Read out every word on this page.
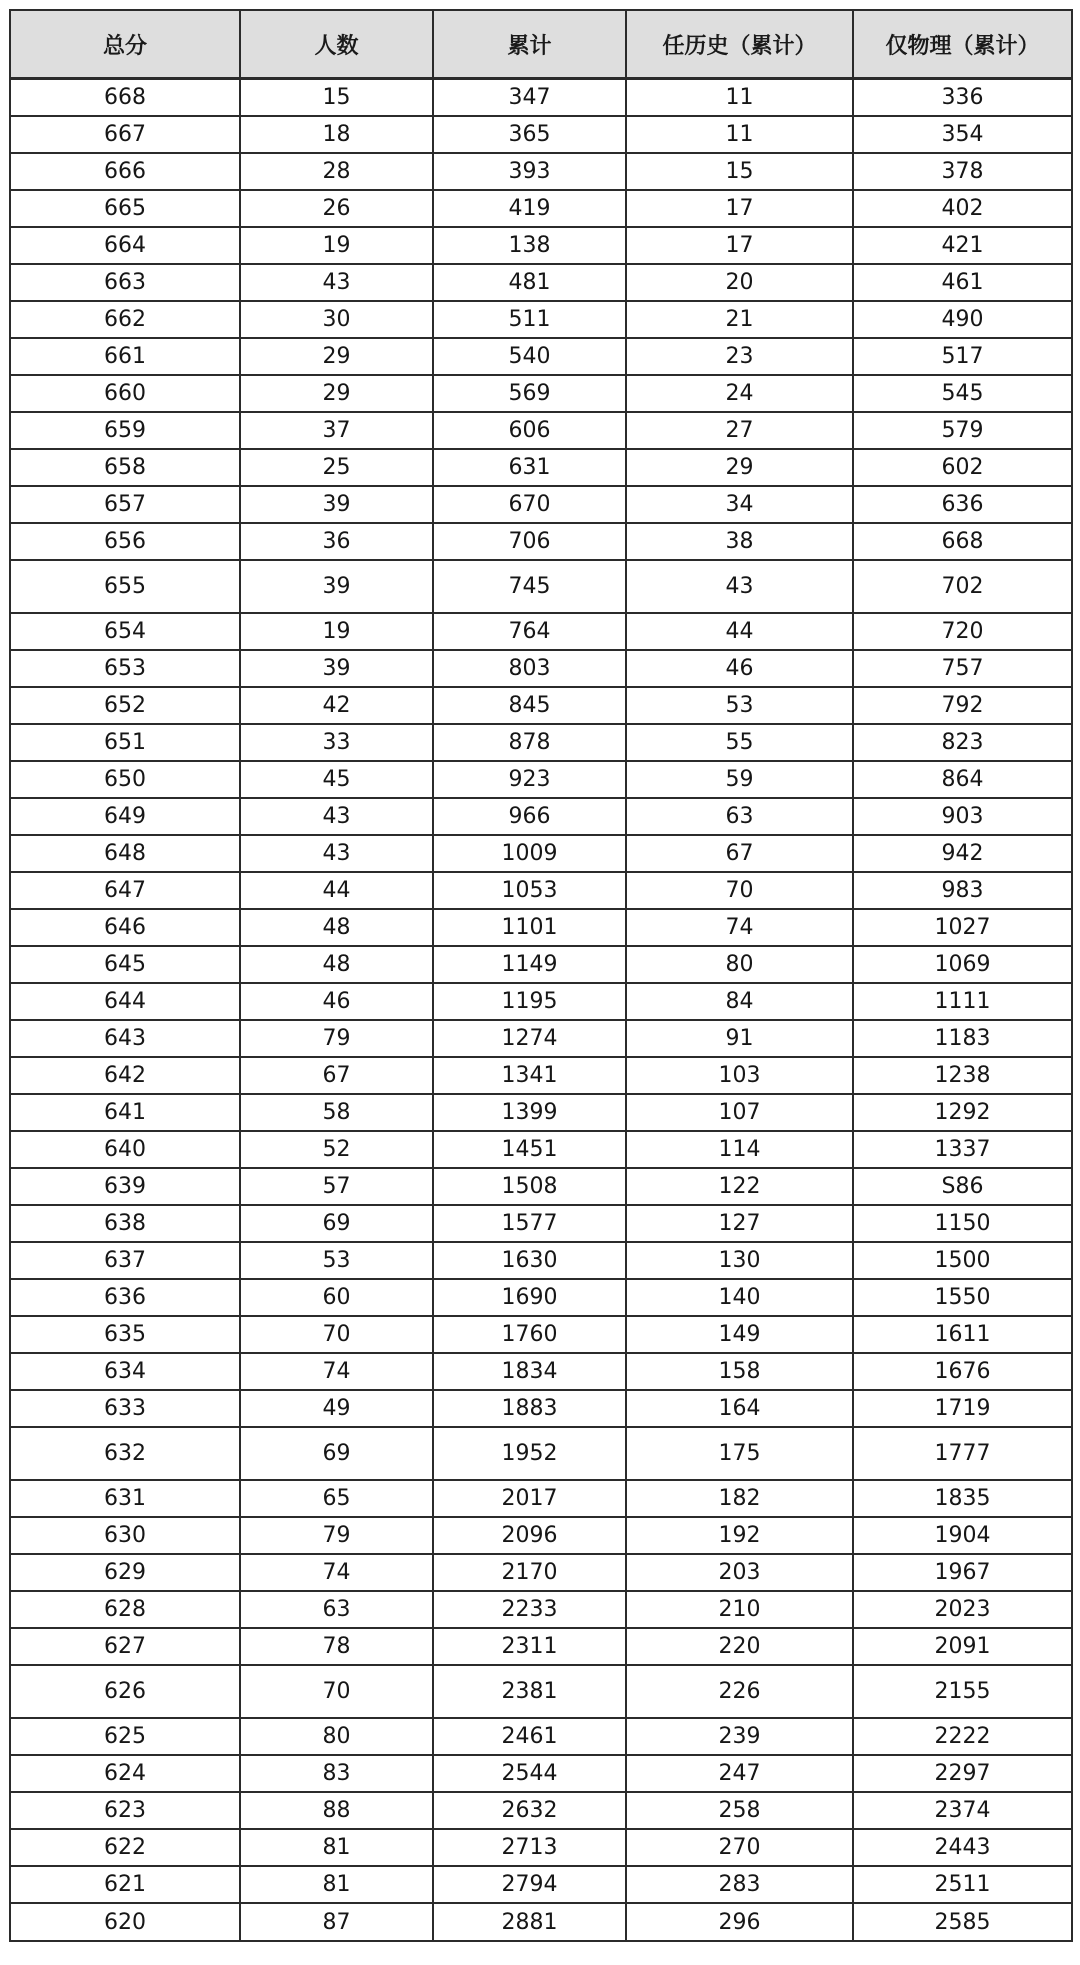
总分	人数	累计	任历史（累计）	仅物理（累计）
668	15	347	11	336
667	18	365	11	354
666	28	393	15	378
665	26	419	17	402
664	19	138	17	421
663	43	481	20	461
662	30	511	21	490
661	29	540	23	517
660	29	569	24	545
659	37	606	27	579
658	25	631	29	602
657	39	670	34	636
656	36	706	38	668
655	39	745	43	702
654	19	764	44	720
653	39	803	46	757
652	42	845	53	792
651	33	878	55	823
650	45	923	59	864
649	43	966	63	903
648	43	1009	67	942
647	44	1053	70	983
646	48	1101	74	1027
645	48	1149	80	1069
644	46	1195	84	1111
643	79	1274	91	1183
642	67	1341	103	1238
641	58	1399	107	1292
640	52	1451	114	1337
639	57	1508	122	S86
638	69	1577	127	1150
637	53	1630	130	1500
636	60	1690	140	1550
635	70	1760	149	1611
634	74	1834	158	1676
633	49	1883	164	1719
632	69	1952	175	1777
631	65	2017	182	1835
630	79	2096	192	1904
629	74	2170	203	1967
628	63	2233	210	2023
627	78	2311	220	2091
626	70	2381	226	2155
625	80	2461	239	2222
624	83	2544	247	2297
623	88	2632	258	2374
622	81	2713	270	2443
621	81	2794	283	2511
620	87	2881	296	2585
